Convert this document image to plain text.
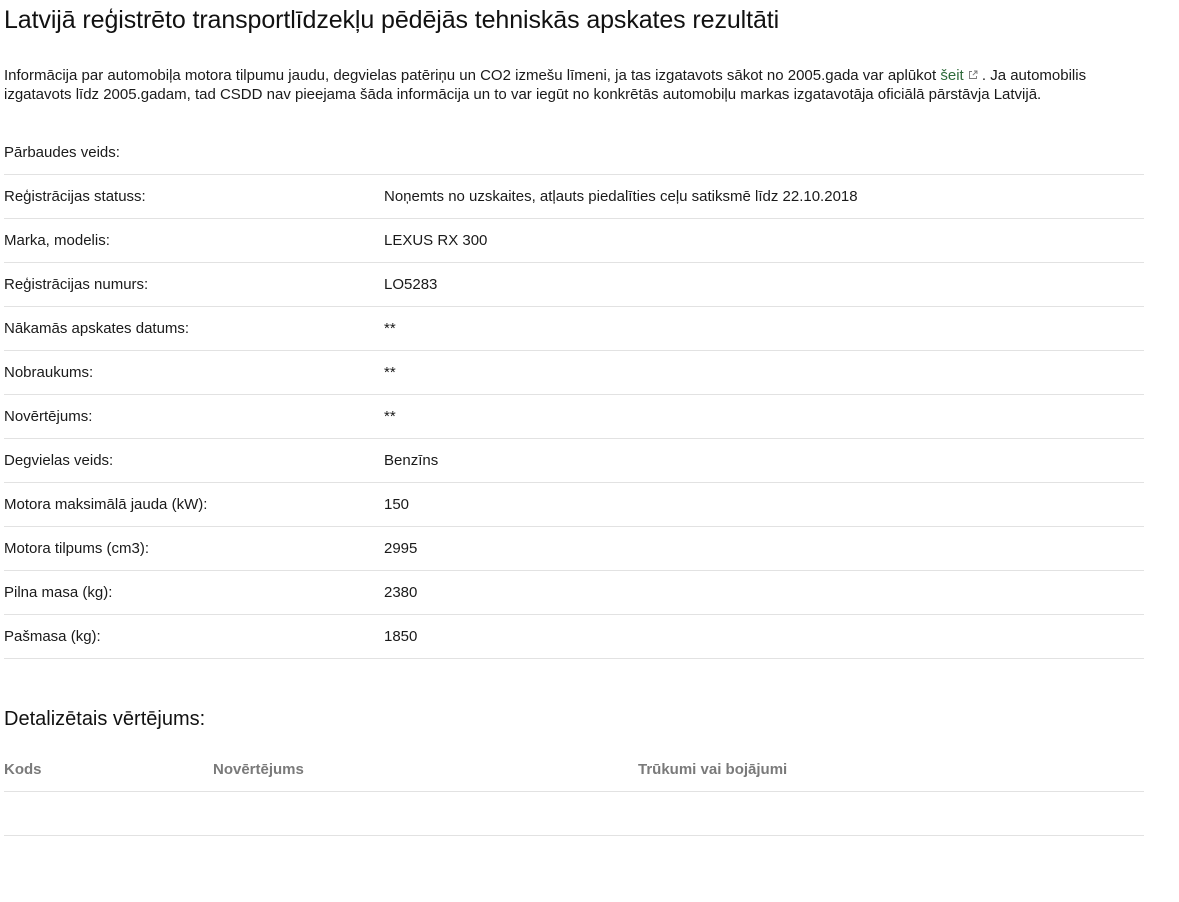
Latvijā reģistrēto transportlīdzekļu pēdējās tehniskās apskates rezultāti

Informācija par automobiļa motora tilpumu jaudu, degvielas patēriņu un CO2 izmešu līmeni, ja tas izgatavots sākot no 2005.gada var aplūkot šeit . Ja automobilis izgatavots līdz 2005.gadam, tad CSDD nav pieejama šāda informācija un to var iegūt no konkrētās automobiļu markas izgatavotāja oficiālā pārstāvja Latvijā.

Pārbaudes veids:
Reģistrācijas statuss:	Noņemts no uzskaites, atļauts piedalīties ceļu satiksmē līdz 22.10.2018
Marka, modelis:	LEXUS RX 300
Reģistrācijas numurs:	LO5283
Nākamās apskates datums:	**
Nobraukums:	**
Novērtējums:	**
Degvielas veids:	Benzīns
Motora maksimālā jauda (kW):	150
Motora tilpums (cm3):	2995
Pilna masa (kg):	2380
Pašmasa (kg):	1850
Detalizētais vērtējums:
Kods	Novērtējums	Trūkumi vai bojājumi
